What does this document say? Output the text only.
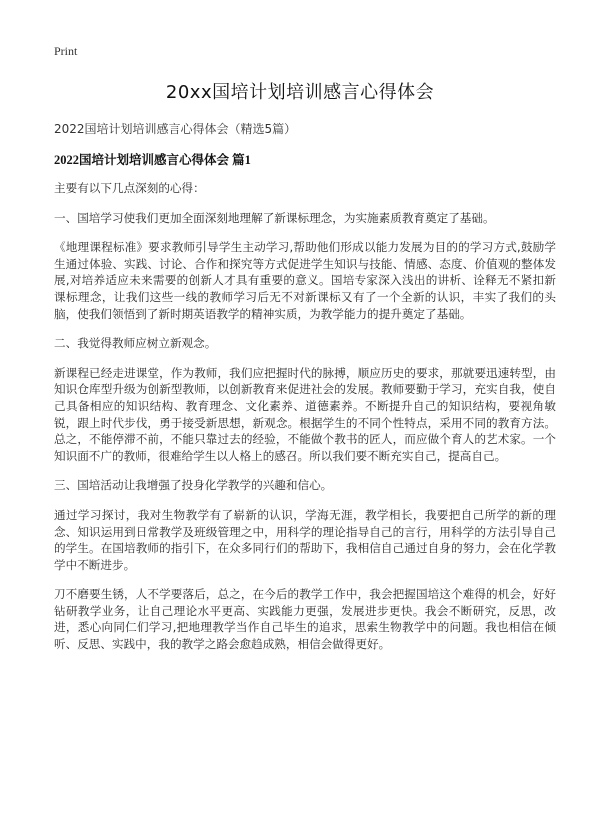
Print
20xx国培计划培训感言心得体会
2022国培计划培训感言心得体会（精选5篇）
2022国培计划培训感言心得体会 篇1

主要有以下几点深刻的心得：

一、国培学习使我们更加全面深刻地理解了新课标理念，为实施素质教育奠定了基础。

《地理课程标准》要求教师引导学生主动学习,帮助他们形成以能力发展为目的的学习方式,鼓励学生通过体验、实践、讨论、合作和探究等方式促进学生知识与技能、情感、态度、价值观的整体发展,对培养适应未来需要的创新人才具有重要的意义。国培专家深入浅出的讲析、诠释无不紧扣新课标理念，让我们这些一线的教师学习后无不对新课标又有了一个全新的认识，丰实了我们的头脑，使我们领悟到了新时期英语教学的精神实质，为教学能力的提升奠定了基础。

二、我觉得教师应树立新观念。

新课程已经走进课堂，作为教师，我们应把握时代的脉搏，顺应历史的要求，那就要迅速转型，由知识仓库型升级为创新型教师，以创新教育来促进社会的发展。教师要勤于学习，充实自我，使自己具备相应的知识结构、教育理念、文化素养、道德素养。不断提升自己的知识结构，要视角敏锐，跟上时代步伐，勇于接受新思想，新观念。根据学生的不同个性特点，采用不同的教育方法。总之，不能停滞不前，不能只靠过去的经验，不能做个教书的匠人，而应做个育人的艺术家。一个知识面不广的教师，很难给学生以人格上的感召。所以我们要不断充实自己，提高自己。

三、国培活动让我增强了投身化学教学的兴趣和信心。

通过学习探讨，我对生物教学有了崭新的认识，学海无涯，教学相长，我要把自己所学的新的理念、知识运用到日常教学及班级管理之中，用科学的理论指导自己的言行，用科学的方法引导自己的学生。在国培教师的指引下，在众多同行们的帮助下，我相信自己通过自身的努力，会在化学教学中不断进步。

刀不磨要生锈，人不学要落后，总之，在今后的教学工作中，我会把握国培这个难得的机会，好好钻研教学业务，让自己理论水平更高、实践能力更强，发展进步更快。我会不断研究，反思，改进，悉心向同仁们学习,把地理教学当作自己毕生的追求，思索生物教学中的问题。我也相信在倾听、反思、实践中，我的教学之路会愈趋成熟，相信会做得更好。
